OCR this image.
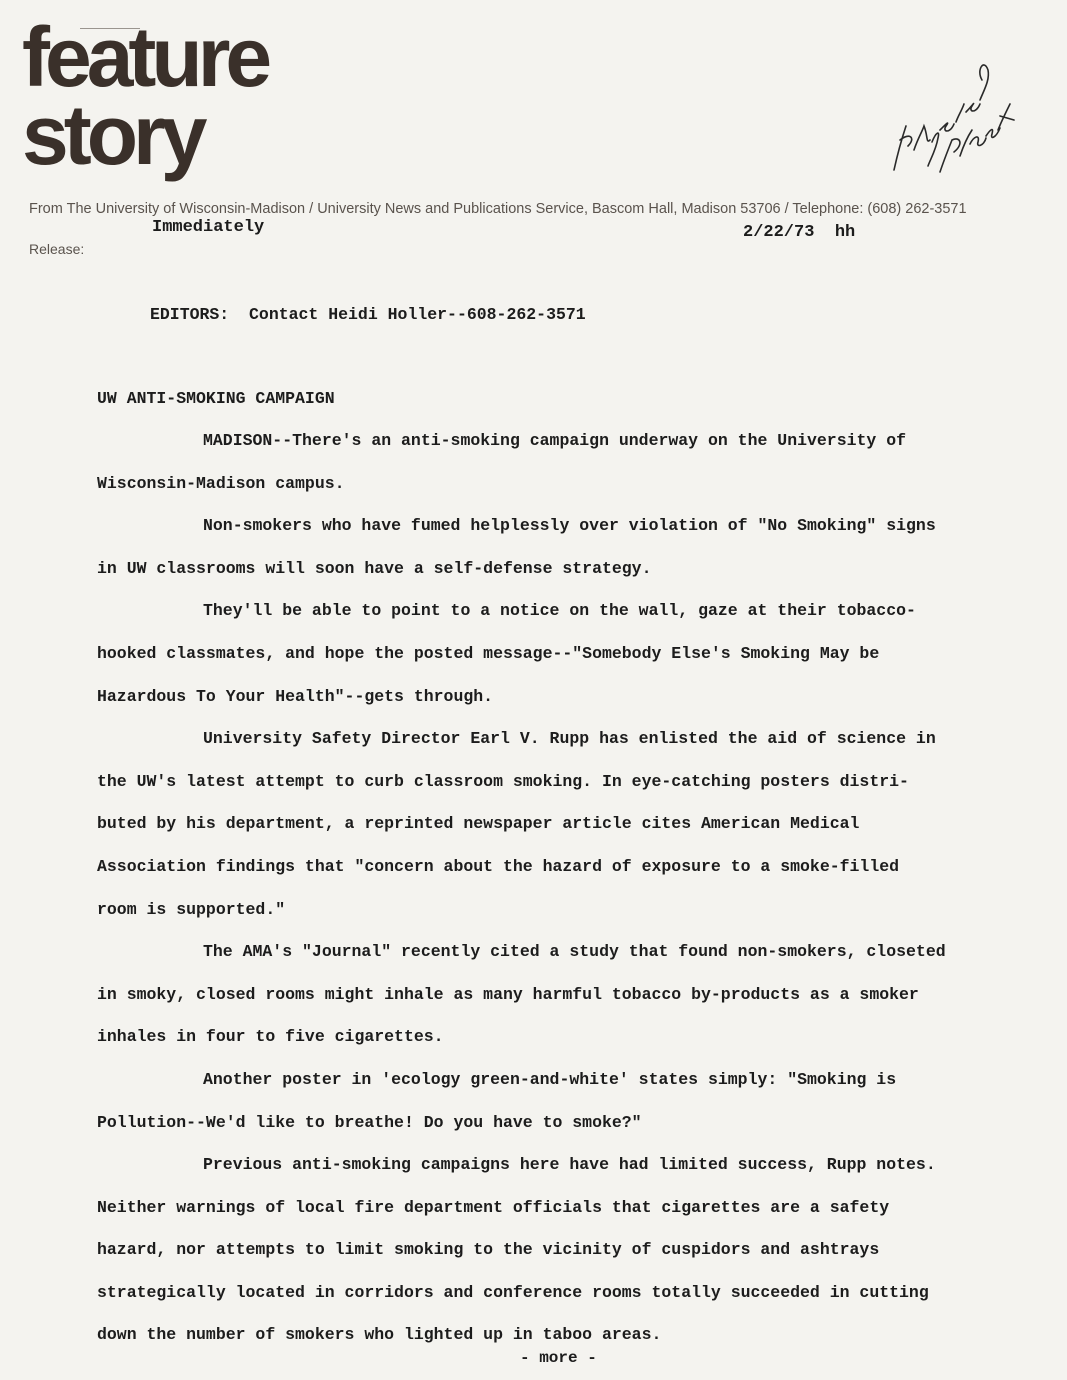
feature
story
From The University of Wisconsin-Madison / University News and Publications Service, Bascom Hall, Madison 53706 / Telephone: (608) 262-3571
Release:
Immediately	2/22/73  hh
EDITORS:  Contact Heidi Holler--608-262-3571
UW ANTI-SMOKING CAMPAIGN

MADISON--There's an anti-smoking campaign underway on the University of
Wisconsin-Madison campus.

Non-smokers who have fumed helplessly over violation of "No Smoking" signs
in UW classrooms will soon have a self-defense strategy.

They'll be able to point to a notice on the wall, gaze at their tobacco-
hooked classmates, and hope the posted message--"Somebody Else's Smoking May be
Hazardous To Your Health"--gets through.

University Safety Director Earl V. Rupp has enlisted the aid of science in
the UW's latest attempt to curb classroom smoking. In eye-catching posters distri-
buted by his department, a reprinted newspaper article cites American Medical
Association findings that "concern about the hazard of exposure to a smoke-filled
room is supported."

The AMA's "Journal" recently cited a study that found non-smokers, closeted
in smoky, closed rooms might inhale as many harmful tobacco by-products as a smoker
inhales in four to five cigarettes.

Another poster in 'ecology green-and-white' states simply: "Smoking is
Pollution--We'd like to breathe! Do you have to smoke?"

Previous anti-smoking campaigns here have had limited success, Rupp notes.
Neither warnings of local fire department officials that cigarettes are a safety
hazard, nor attempts to limit smoking to the vicinity of cuspidors and ashtrays
strategically located in corridors and conference rooms totally succeeded in cutting
down the number of smokers who lighted up in taboo areas.

- more -
